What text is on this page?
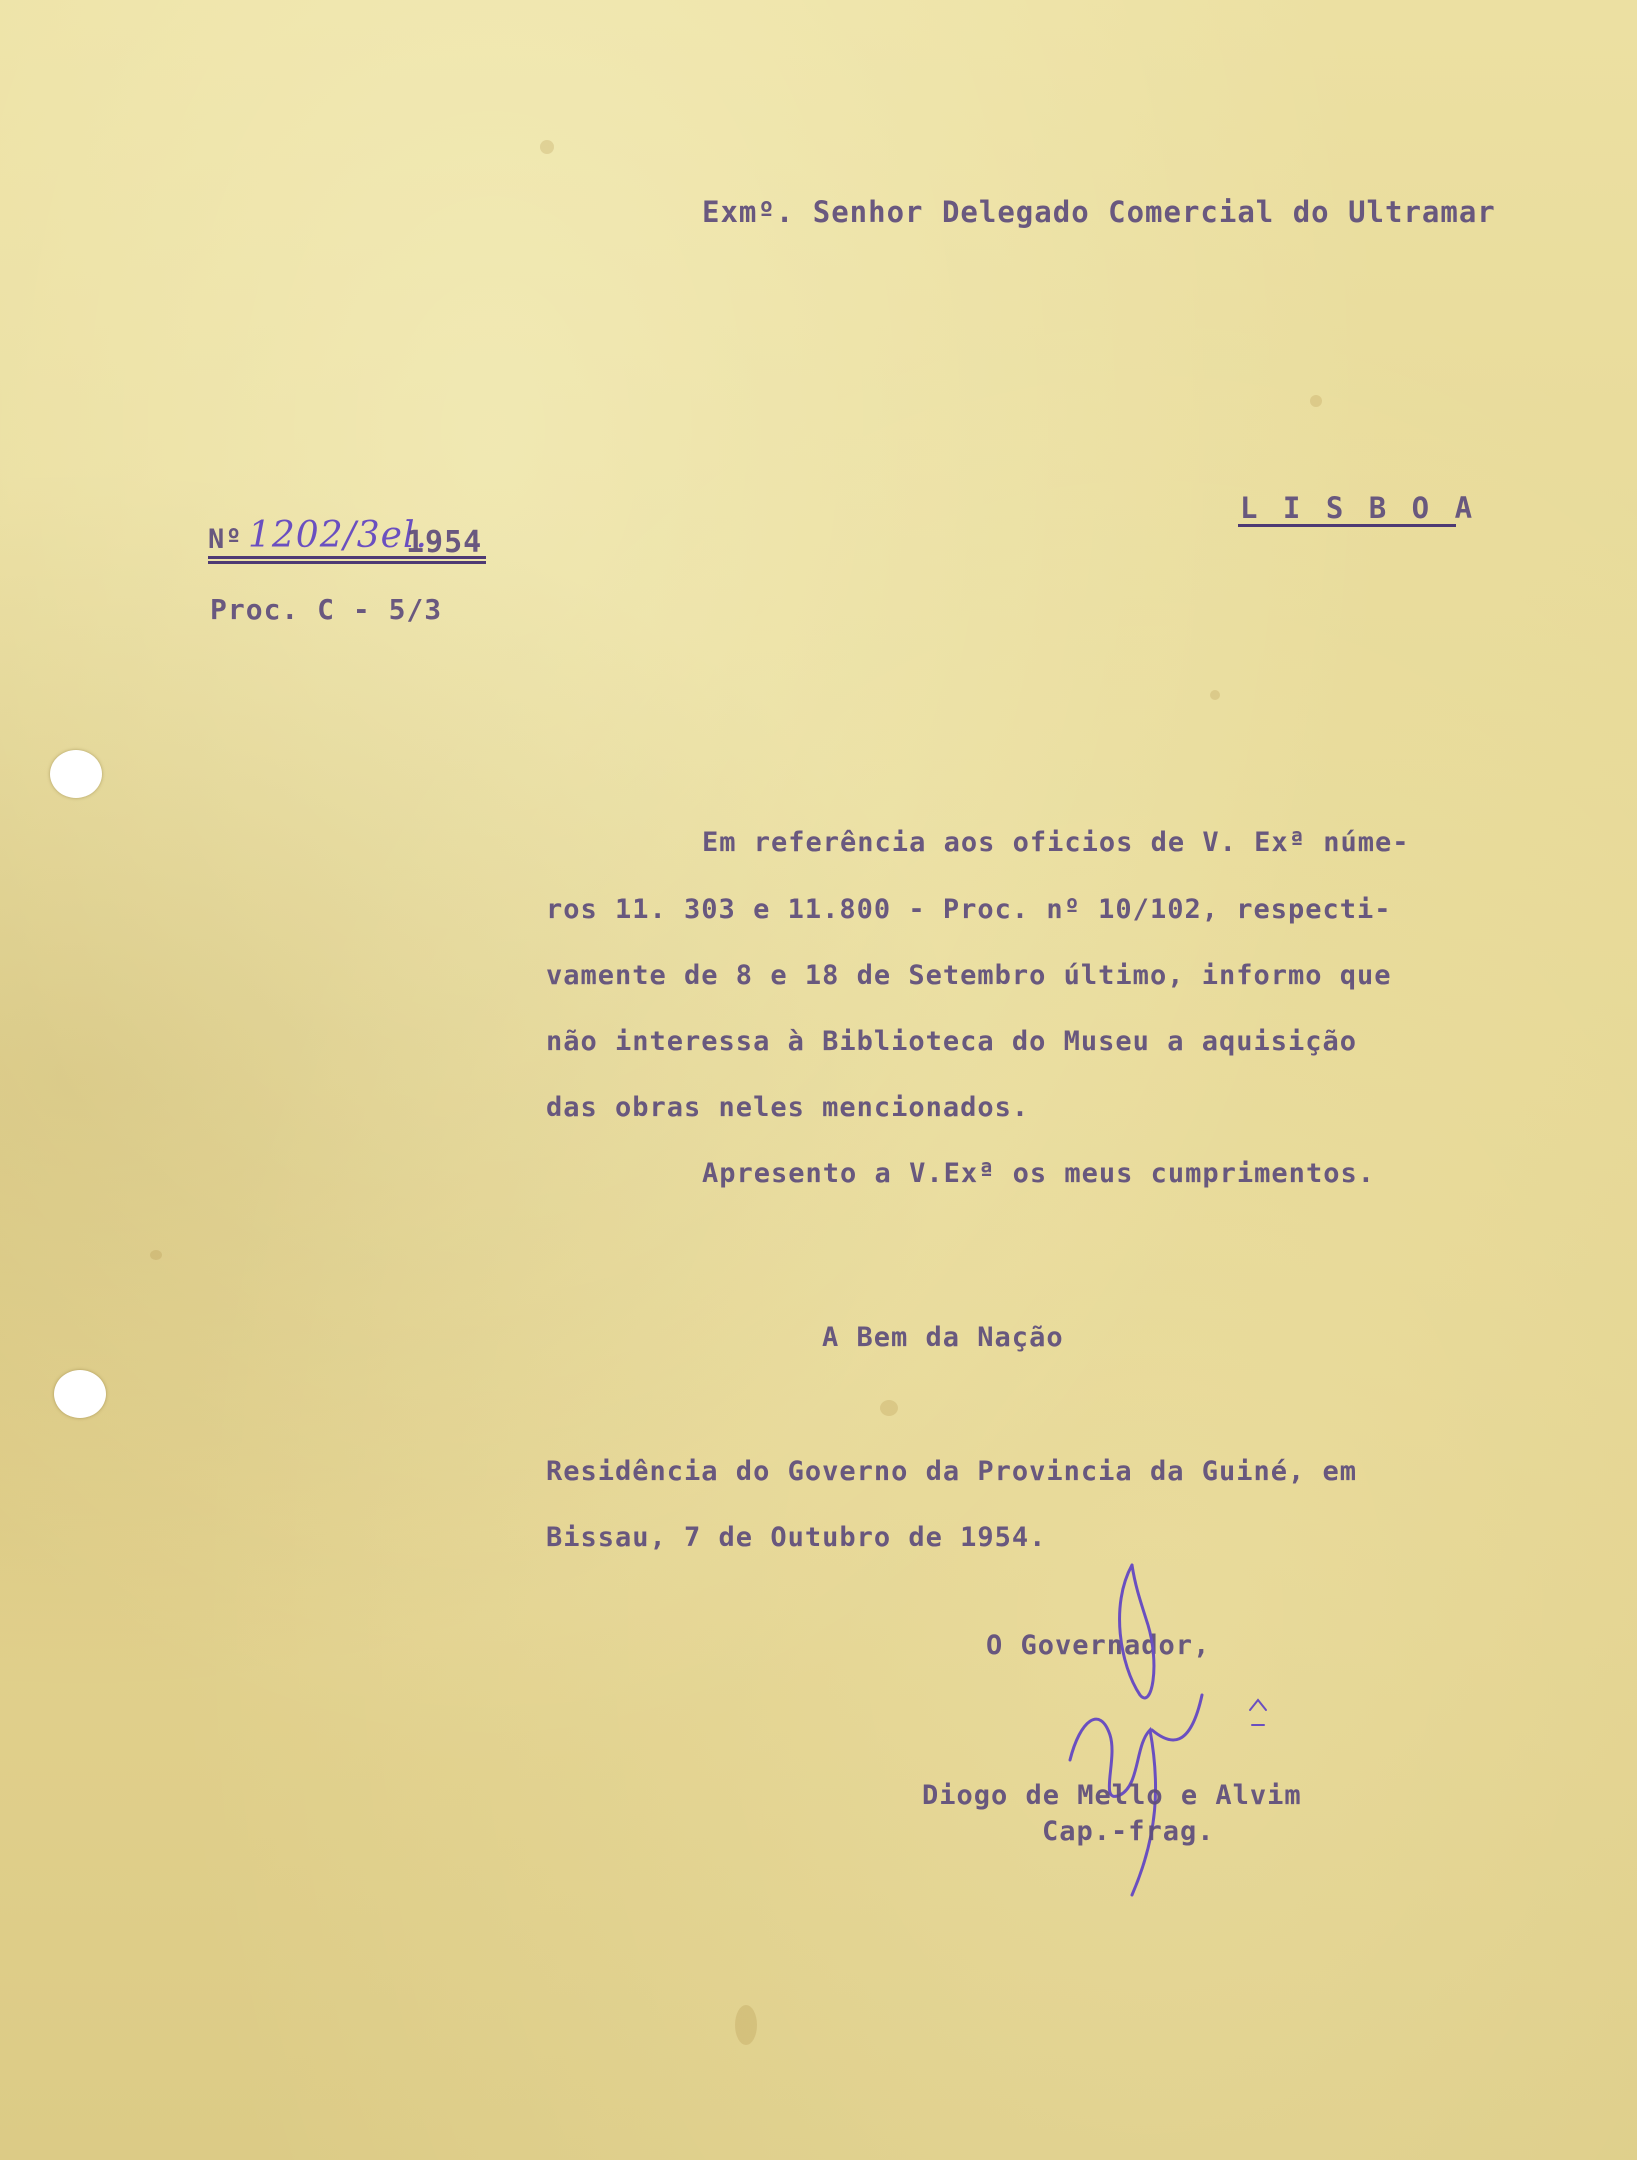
Exmº. Senhor Delegado Comercial do Ultramar
L I S B O A
Nº 1202/3el.
1954
Proc. C - 5/3
Em referência aos oficios de V. Exª núme-
ros 11. 303 e 11.800 - Proc. nº 10/102, respecti-
vamente de 8 e 18 de Setembro último, informo que
não interessa à Biblioteca do Museu a aquisição
das obras neles mencionados.
Apresento a V.Exª os meus cumprimentos.
A Bem da Nação
Residência do Governo da Provincia da Guiné, em
Bissau, 7 de Outubro de 1954.
O Governador,
Diogo de Mello e Alvim
Cap.-frag.
